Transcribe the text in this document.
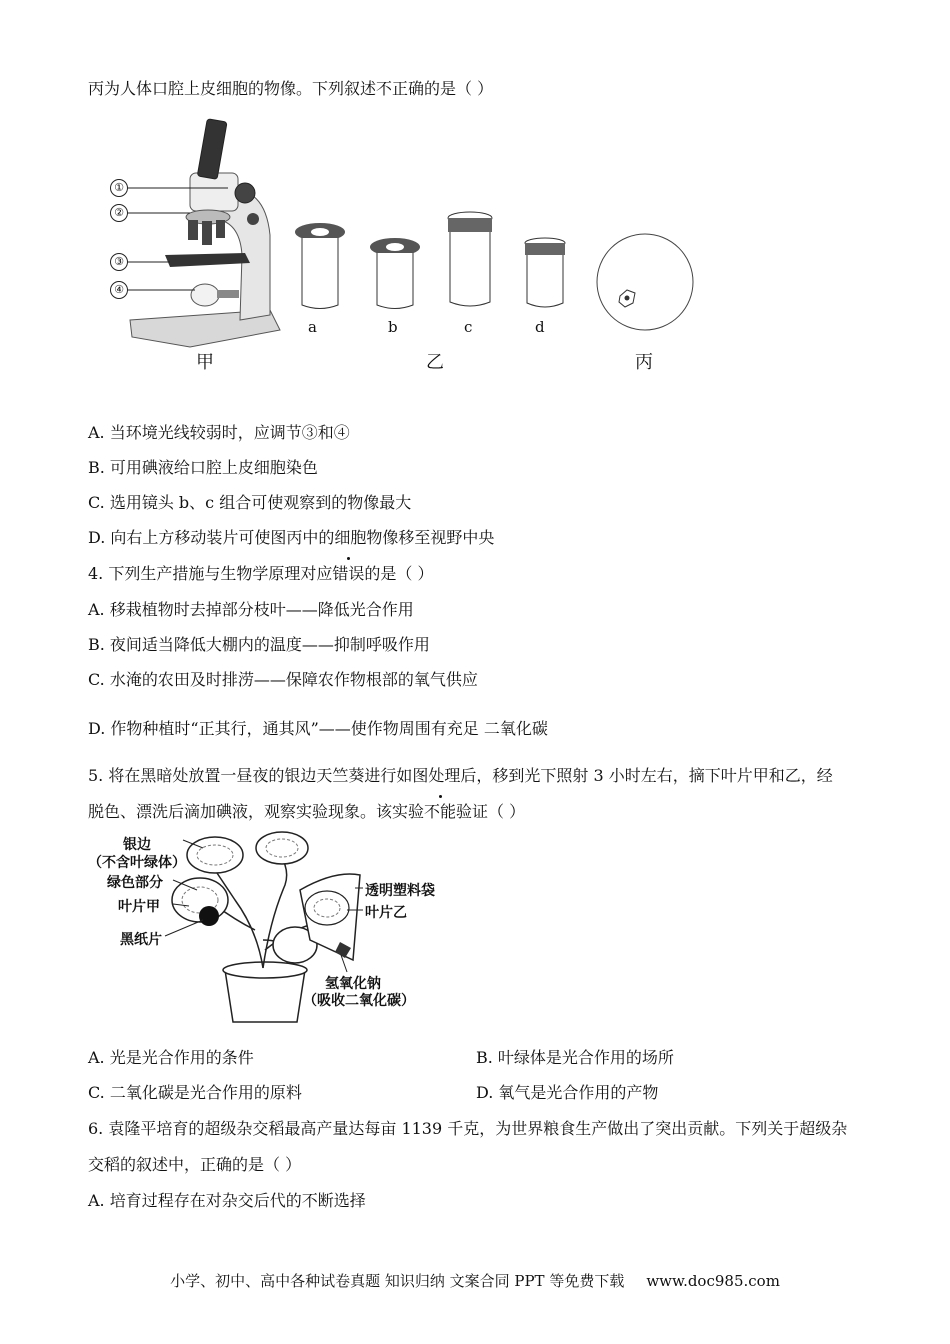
丙为人体口腔上皮细胞的物像。下列叙述不正确的是（ ）
①
②
③
④
a	b	c	d
甲	乙	丙
A. 当环境光线较弱时，应调节③和④
B. 可用碘液给口腔上皮细胞染色
C. 选用镜头 b、c 组合可使观察到的物像最大
D. 向右上方移动装片可使图丙中的细胞物像移至视野中央
4. 下列生产措施与生物学原理对应错误的是（ ）
A. 移栽植物时去掉部分枝叶——降低光合作用
B. 夜间适当降低大棚内的温度——抑制呼吸作用
C. 水淹的农田及时排涝——保障农作物根部的氧气供应
D. 作物种植时“正其行，通其风”——使作物周围有充足 二氧化碳
5. 将在黑暗处放置一昼夜的银边天竺葵进行如图处理后，移到光下照射 3 小时左右，摘下叶片甲和乙，经
脱色、漂洗后滴加碘液，观察实验现象。该实验不能验证（ ）
银边
（不含叶绿体）
绿色部分
叶片甲
黑纸片
透明塑料袋
叶片乙
氢氧化钠
（吸收二氧化碳）
A. 光是光合作用的条件	B. 叶绿体是光合作用的场所
C. 二氧化碳是光合作用的原料	D. 氧气是光合作用的产物
6. 袁隆平培育的超级杂交稻最高产量达每亩 1139 千克，为世界粮食生产做出了突出贡献。下列关于超级杂
交稻的叙述中，正确的是（ ）
A. 培育过程存在对杂交后代的不断选择
小学、初中、高中各种试卷真题 知识归纳 文案合同 PPT 等免费下载 www.doc985.com
